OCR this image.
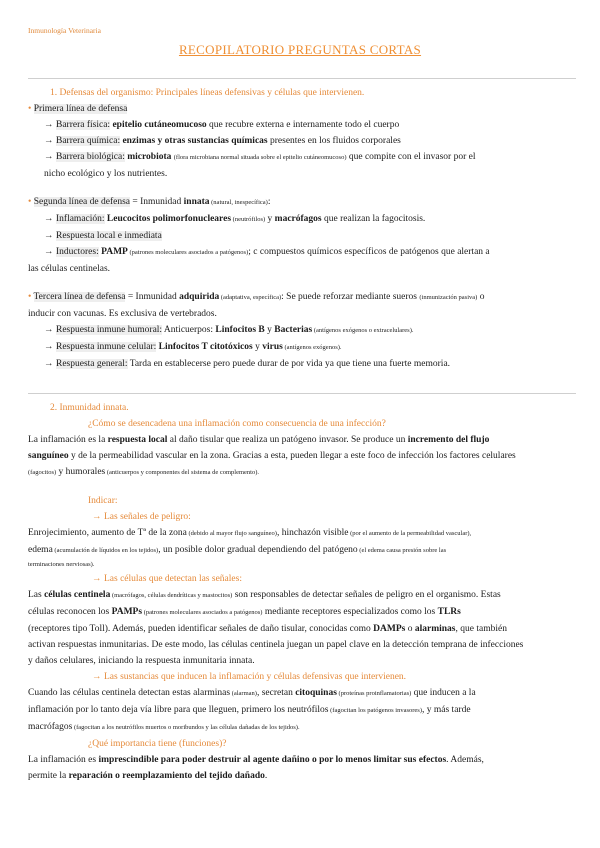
Inmunología Veterinaria
RECOPILATORIO PREGUNTAS CORTAS

1. Defensas del organismo: Principales líneas defensivas y células que intervienen.

• Primera línea de defensa

→ Barrera física: epitelio cutáneomucoso que recubre externa e internamente todo el cuerpo

→ Barrera química: enzimas y otras sustancias químicas presentes en los fluidos corporales

→ Barrera biológica: microbiota (flora microbiana normal situada sobre el epitelio cutáneomucoso) que compite con el invasor por el

nicho ecológico y los nutrientes.

• Segunda línea de defensa = Inmunidad innata (natural, inespecífica):

→ Inflamación: Leucocitos polimorfonucleares (neutrófilos) y macrófagos que realizan la fagocitosis.

→ Respuesta local e inmediata

→ Inductores: PAMP (patrones moleculares asociados a patógenos); c compuestos químicos específicos de patógenos que alertan a

las células centinelas.

• Tercera línea de defensa = Inmunidad adquirida (adaptativa, específica): Se puede reforzar mediante sueros (inmunización pasiva) o

inducir con vacunas. Es exclusiva de vertebrados.

→ Respuesta inmune humoral: Anticuerpos: Linfocitos B y Bacterias (antígenos exógenos o extracelulares).

→ Respuesta inmune celular: Linfocitos T citotóxicos y virus (antígenos exógenos).

→ Respuesta general: Tarda en establecerse pero puede durar de por vida ya que tiene una fuerte memoria.

2. Inmunidad innata.

¿Cómo se desencadena una inflamación como consecuencia de una infección?

La inflamación es la respuesta local al daño tisular que realiza un patógeno invasor. Se produce un incremento del flujo

sanguíneo y de la permeabilidad vascular en la zona. Gracias a esta, pueden llegar a este foco de infección los factores celulares

(fagocitos) y humorales (anticuerpos y componentes del sistema de complemento).

Indicar:

→ Las señales de peligro:

Enrojecimiento, aumento de Tª de la zona (debido al mayor flujo sanguíneo), hinchazón visible (por el aumento de la permeabilidad vascular),

edema (acumulación de líquidos en los tejidos), un posible dolor gradual dependiendo del patógeno (el edema causa presión sobre las

terminaciones nerviosas).

→ Las células que detectan las señales:

Las células centinela (macrófagos, células dendríticas y mastocitos) son responsables de detectar señales de peligro en el organismo. Estas

células reconocen los PAMPs (patrones moleculares asociados a patógenos) mediante receptores especializados como los TLRs

(receptores tipo Toll). Además, pueden identificar señales de daño tisular, conocidas como DAMPs o alarminas, que también

activan respuestas inmunitarias. De este modo, las células centinela juegan un papel clave en la detección temprana de infecciones

y daños celulares, iniciando la respuesta inmunitaria innata.

→ Las sustancias que inducen la inflamación y células defensivas que intervienen.

Cuando las células centinela detectan estas alarminas (alarman), secretan citoquinas (proteínas proinflamatorias) que inducen a la

inflamación por lo tanto deja vía libre para que lleguen, primero los neutrófilos (fagocitan los patógenos invasores), y más tarde

macrófagos (fagocitan a los neutrófilos muertos o moribundos y las células dañadas de los tejidos).

¿Qué importancia tiene (funciones)?

La inflamación es imprescindible para poder destruir al agente dañino o por lo menos limitar sus efectos. Además,

permite la reparación o reemplazamiento del tejido dañado.
